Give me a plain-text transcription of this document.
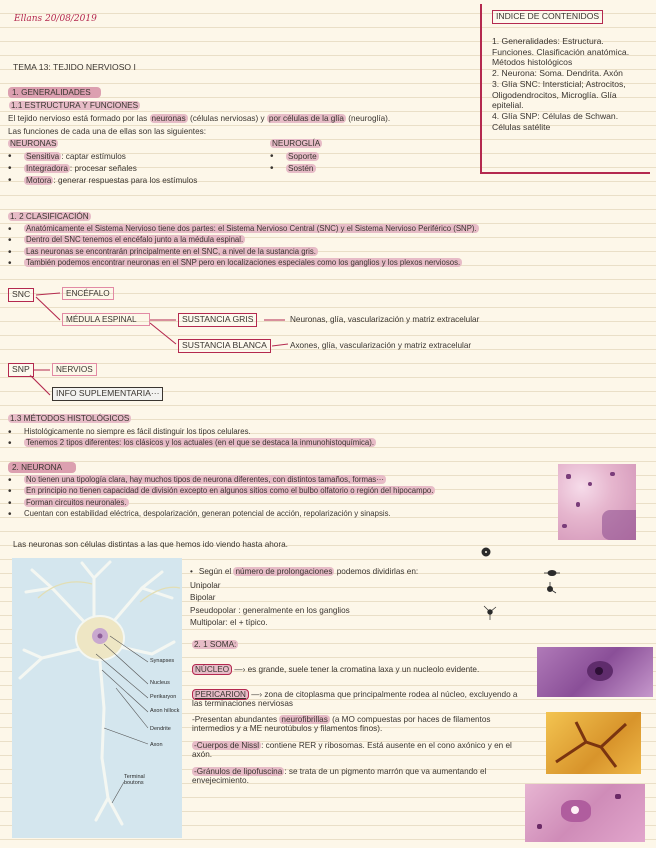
Ellans 20/08/2019
TEMA 13: TEJIDO NERVIOSO I
INDICE DE CONTENIDOS

1. Generalidades: Estructura. Funciones. Clasificación anatómica. Métodos histológicos

2. Neurona: Soma. Dendrita. Axón

3. Glía SNC: Intersticial; Astrocitos, Oligodendrocitos, Microglía. Glía epitelial.

4. Glía SNP: Células de Schwan. Células satélite

1. GENERALIDADES
1.1 ESTRUCTURA Y FUNCIONES
El tejido nervioso está formado por las neuronas (células nerviosas) y por células de la glía (neuroglía).
Las funciones de cada una de ellas son las siguientes:
NEURONAS
• Sensitiva : captar estímulos
• Integradora : procesar señales
• Motora : generar respuestas para los estímulos
NEUROGLÍA
• Soporte
• Sostén
1. 2 CLASIFICACIÓN
• Anatómicamente el Sistema Nervioso tiene dos partes: el Sistema Nervioso Central (SNC) y el Sistema Nervioso Periférico (SNP).
• Dentro del SNC tenemos el encéfalo junto a la médula espinal.
• Las neuronas se encontrarán principalmente en el SNC, a nivel de la sustancia gris.
• También podemos encontrar neuronas en el SNP pero en localizaciones especiales como los ganglios y los plexos nerviosos.
SNC	ENCÉFALO
MÉDULA ESPINAL	SUSTANCIA GRIS	Neuronas, glía, vascularización y matriz extracelular
SUSTANCIA BLANCA	Axones, glía, vascularización y matriz extracelular
SNP	NERVIOS
INFO SUPLEMENTARIA···
1.3 MÉTODOS HISTOLÓGICOS
• Histológicamente no siempre es fácil distinguir los tipos celulares.
• Tenemos 2 tipos diferentes: los clásicos y los actuales (en el que se destaca la inmunohistoquímica).
2. NEURONA
• No tienen una tipología clara, hay muchos tipos de neurona diferentes, con distintos tamaños, formas···
• En principio no tienen capacidad de división excepto en algunos sitios como el bulbo olfatorio o región del hipocampo.
• Forman circuitos neuronales.
• Cuentan con estabilidad eléctrica, despolarización, generan potencial de acción, repolarización y sinapsis.
Las neuronas son células distintas a las que hemos ido viendo hasta ahora.
Synapses
Nucleus
Perikaryon
Axon hillock
Dendrite
Axon
Terminal boutons
• Según el número de prolongaciones podemos dividirlas en:
Unipolar
Bipolar
Pseudopolar : generalmente en los ganglios
Multipolar: el + típico.
2. 1 SOMA:
NÚCLEO —› es grande, suele tener la cromatina laxa y un nucleolo evidente.
PERICARION —› zona de citoplasma que principalmente rodea al núcleo, excluyendo a las terminaciones nerviosas
-Presentan abundantes neurofibrillas (a MO compuestas por haces de filamentos intermedios y a ME neurotúbulos y filamentos finos).
-Cuerpos de Nissl : contiene RER y ribosomas. Está ausente en el cono axónico y en el axón.
-Gránulos de lipofuscina : se trata de un pigmento marrón que va aumentando el envejecimiento.
